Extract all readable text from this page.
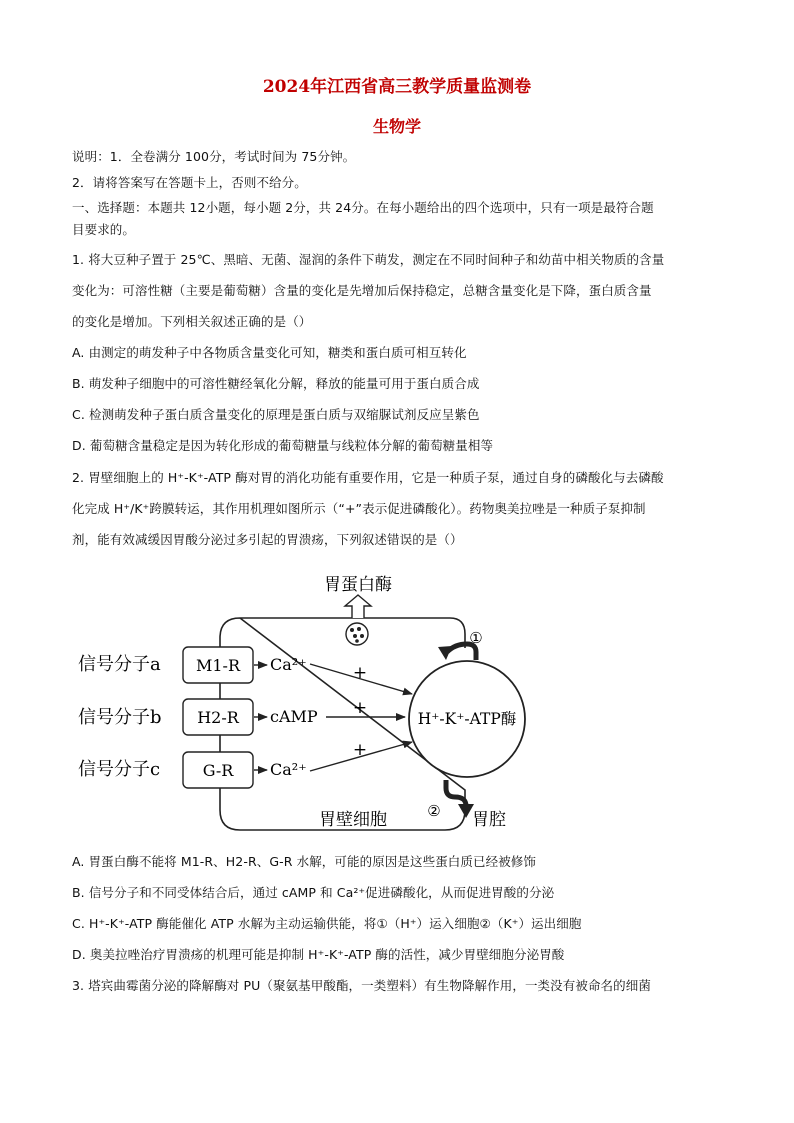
2024年江西省高三教学质量监测卷
生物学
说明：1．全卷满分 100分，考试时间为 75分钟。
2．请将答案写在答题卡上，否则不给分。
一、选择题：本题共 12小题，每小题 2分，共 24分。在每小题给出的四个选项中，只有一项是最符合题
目要求的。
1. 将大豆种子置于 25℃、黑暗、无菌、湿润的条件下萌发，测定在不同时间种子和幼苗中相关物质的含量
变化为：可溶性糖（主要是葡萄糖）含量的变化是先增加后保持稳定，总糖含量变化是下降，蛋白质含量
的变化是增加。下列相关叙述正确的是（）
A. 由测定的萌发种子中各物质含量变化可知，糖类和蛋白质可相互转化
B. 萌发种子细胞中的可溶性糖经氧化分解，释放的能量可用于蛋白质合成
C. 检测萌发种子蛋白质含量变化的原理是蛋白质与双缩脲试剂反应呈紫色
D. 葡萄糖含量稳定是因为转化形成的葡萄糖量与线粒体分解的葡萄糖量相等
2. 胃壁细胞上的 H⁺-K⁺-ATP 酶对胃的消化功能有重要作用，它是一种质子泵，通过自身的磷酸化与去磷酸
化完成 H⁺/K⁺跨膜转运，其作用机理如图所示（“+”表示促进磷酸化）。药物奥美拉唑是一种质子泵抑制
剂，能有效减缓因胃酸分泌过多引起的胃溃疡，下列叙述错误的是（）
胃蛋白酶
信号分子a
信号分子b
信号分子c
M1-R
H2-R
G-R
Ca²⁺
cAMP
Ca²⁺
+
+
+
H⁺-K⁺-ATP酶
①
②
胃壁细胞	胃腔
A. 胃蛋白酶不能将 M1-R、H2-R、G-R 水解，可能的原因是这些蛋白质已经被修饰
B. 信号分子和不同受体结合后，通过 cAMP 和 Ca²⁺促进磷酸化，从而促进胃酸的分泌
C. H⁺-K⁺-ATP 酶能催化 ATP 水解为主动运输供能，将①（H⁺）运入细胞②（K⁺）运出细胞
D. 奥美拉唑治疗胃溃疡的机理可能是抑制 H⁺-K⁺-ATP 酶的活性，减少胃壁细胞分泌胃酸
3. 塔宾曲霉菌分泌的降解酶对 PU（聚氨基甲酸酯，一类塑料）有生物降解作用，一类没有被命名的细菌
